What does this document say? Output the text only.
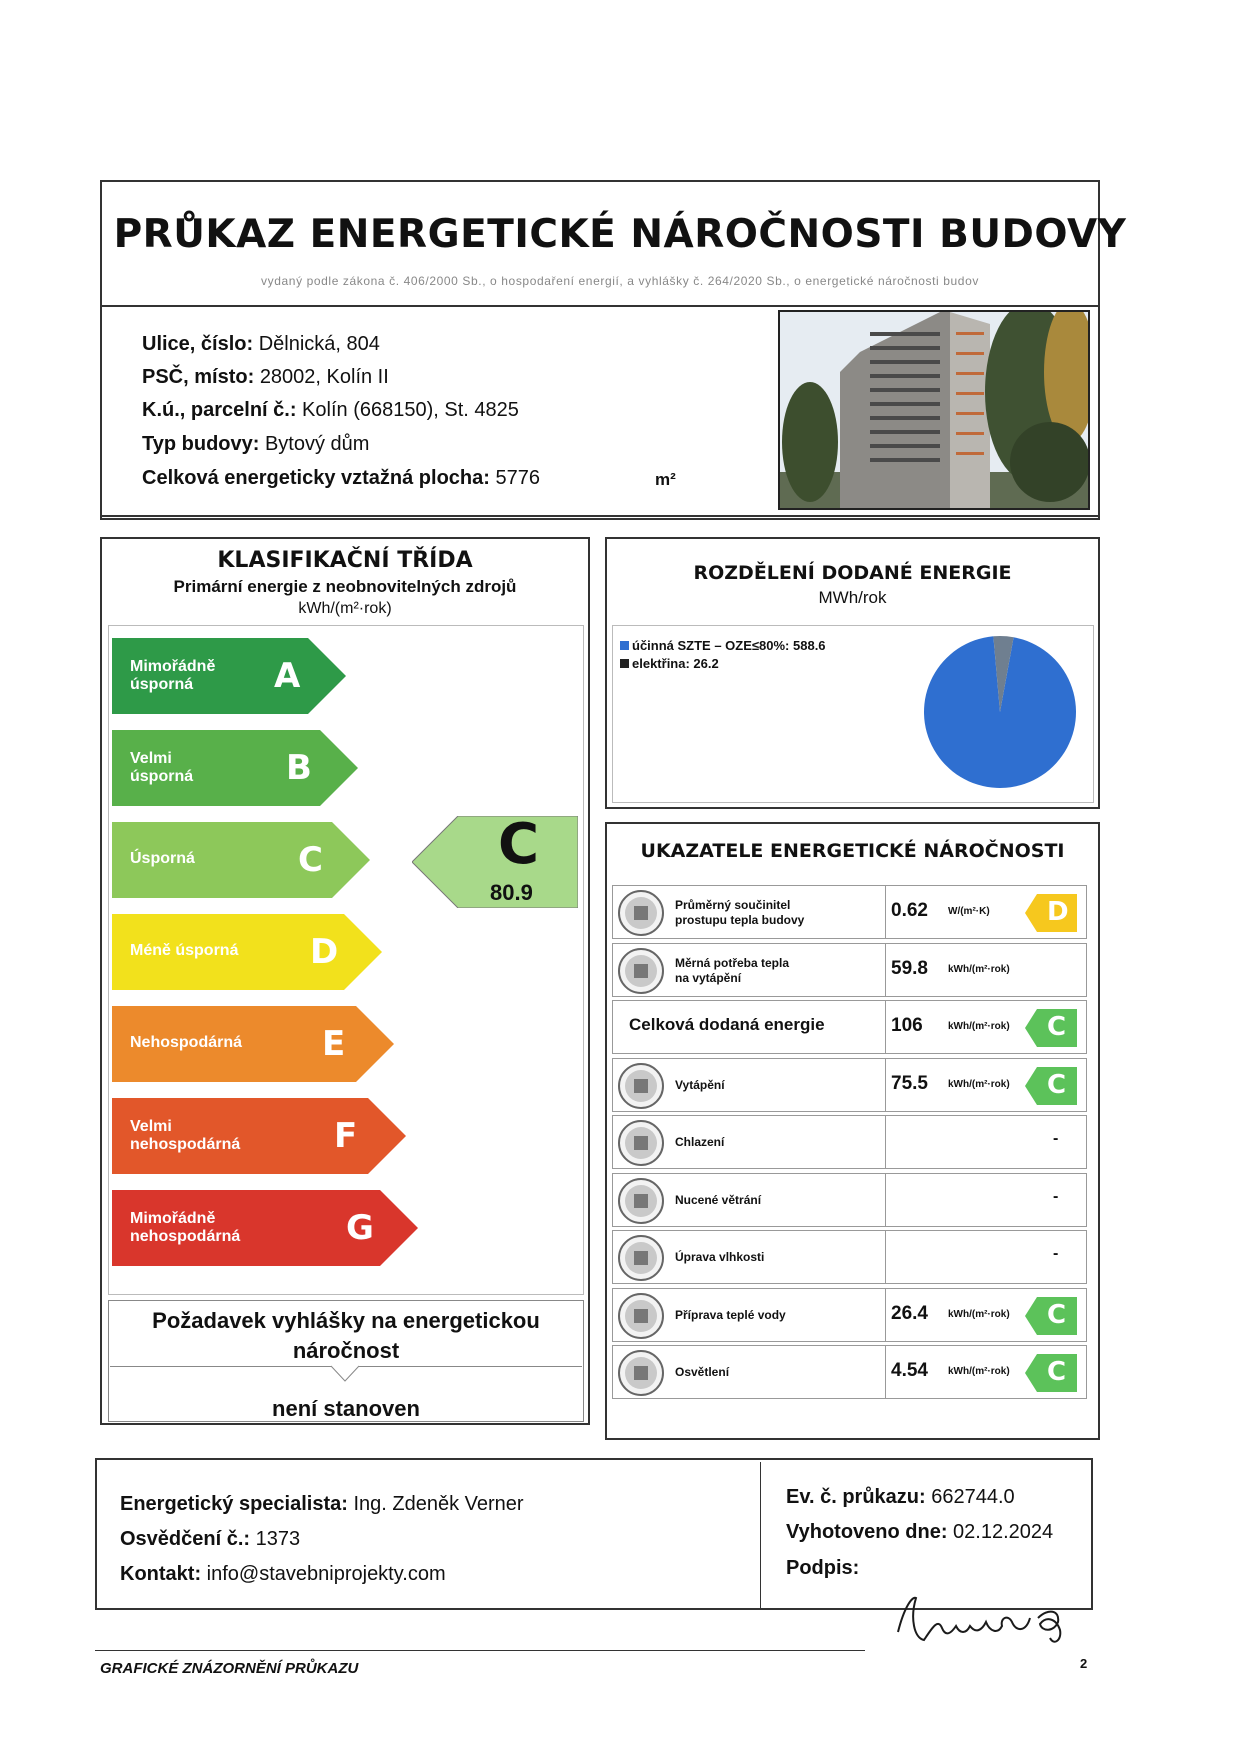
PRŮKAZ ENERGETICKÉ NÁROČNOSTI BUDOVY
vydaný podle zákona č. 406/2000 Sb., o hospodaření energií, a vyhlášky č. 264/2020 Sb., o energetické náročnosti budov
Ulice, číslo: Dělnická, 804
PSČ, místo: 28002, Kolín II
K.ú., parcelní č.: Kolín (668150), St. 4825
Typ budovy: Bytový dům
Celková energeticky vztažná plocha: 5776	m²
KLASIFIKAČNÍ TŘÍDA
Primární energie z neobnovitelných zdrojů
kWh/(m²·rok)
Mimořádně
úsporná A
Velmi
úsporná	B
Úsporná	C
Méně úsporná D
Nehospodárná E
Velmi
nehospodárná	F
Mimořádně
nehospodárná	G
C
80.9
Požadavek vyhlášky na energetickou náročnost
není stanoven
ROZDĚLENÍ DODANÉ ENERGIE
MWh/rok
účinná SZTE – OZE≤80%: 588.6
elektřina: 26.2
UKAZATELE ENERGETICKÉ NÁROČNOSTI
Průměrný součinitel
prostupu tepla budovy	0.62 W/(m²·K) D
Měrná potřeba tepla
na vytápění	59.8 kWh/(m²·rok)
Celková dodaná energie	106	kWh/(m²·rok) C
Vytápění	75.5 kWh/(m²·rok) C
Chlazení	-
Nucené větrání	-
Úprava vlhkosti	-
Příprava teplé vody	26.4 kWh/(m²·rok) C
Osvětlení	4.54 kWh/(m²·rok) C
Energetický specialista: Ing. Zdeněk Verner
Osvědčení č.: 1373
Kontakt: info@stavebniprojekty.com
Ev. č. průkazu: 662744.0
Vyhotoveno dne: 02.12.2024
Podpis:
GRAFICKÉ ZNÁZORNĚNÍ PRŮKAZU	2
